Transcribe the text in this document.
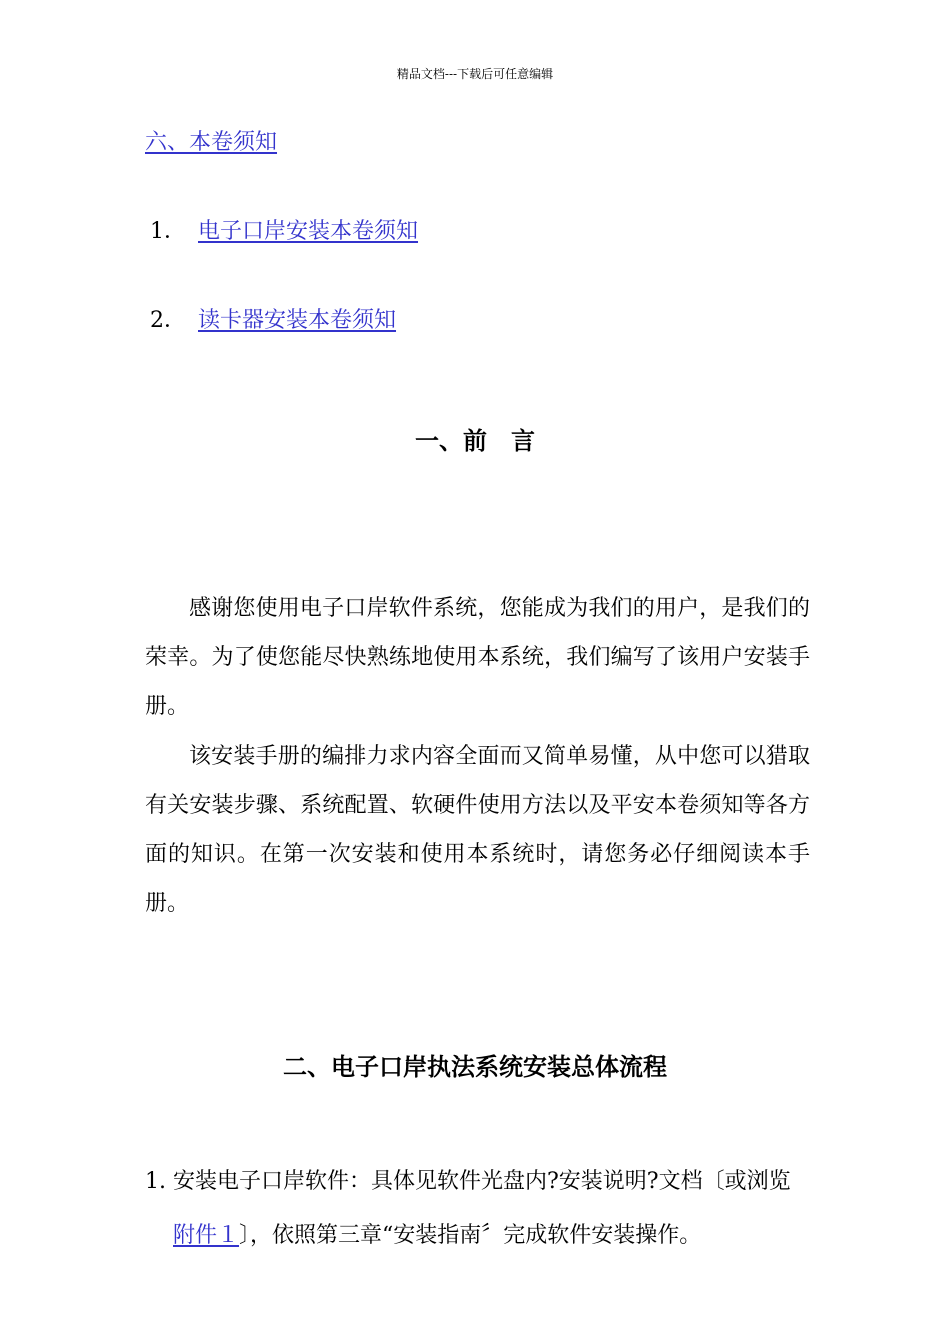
精品文档---下载后可任意编辑
六、本卷须知
1． 电子口岸安装本卷须知
2． 读卡器安装本卷须知
一、前　言

感谢您使用电子口岸软件系统，您能成为我们的用户，是我们的荣幸。为了使您能尽快熟练地使用本系统，我们编写了该用户安装手册。

该安装手册的编排力求内容全面而又简单易懂，从中您可以猎取有关安装步骤、系统配置、软硬件使用方法以及平安本卷须知等各方面的知识。在第一次安装和使用本系统时，请您务必仔细阅读本手册。

二、电子口岸执法系统安装总体流程
1. 安装电子口岸软件：具体见软件光盘内?安装说明?文档〔或浏览
附件１〕，依照第三章“安装指南〞完成软件安装操作。
